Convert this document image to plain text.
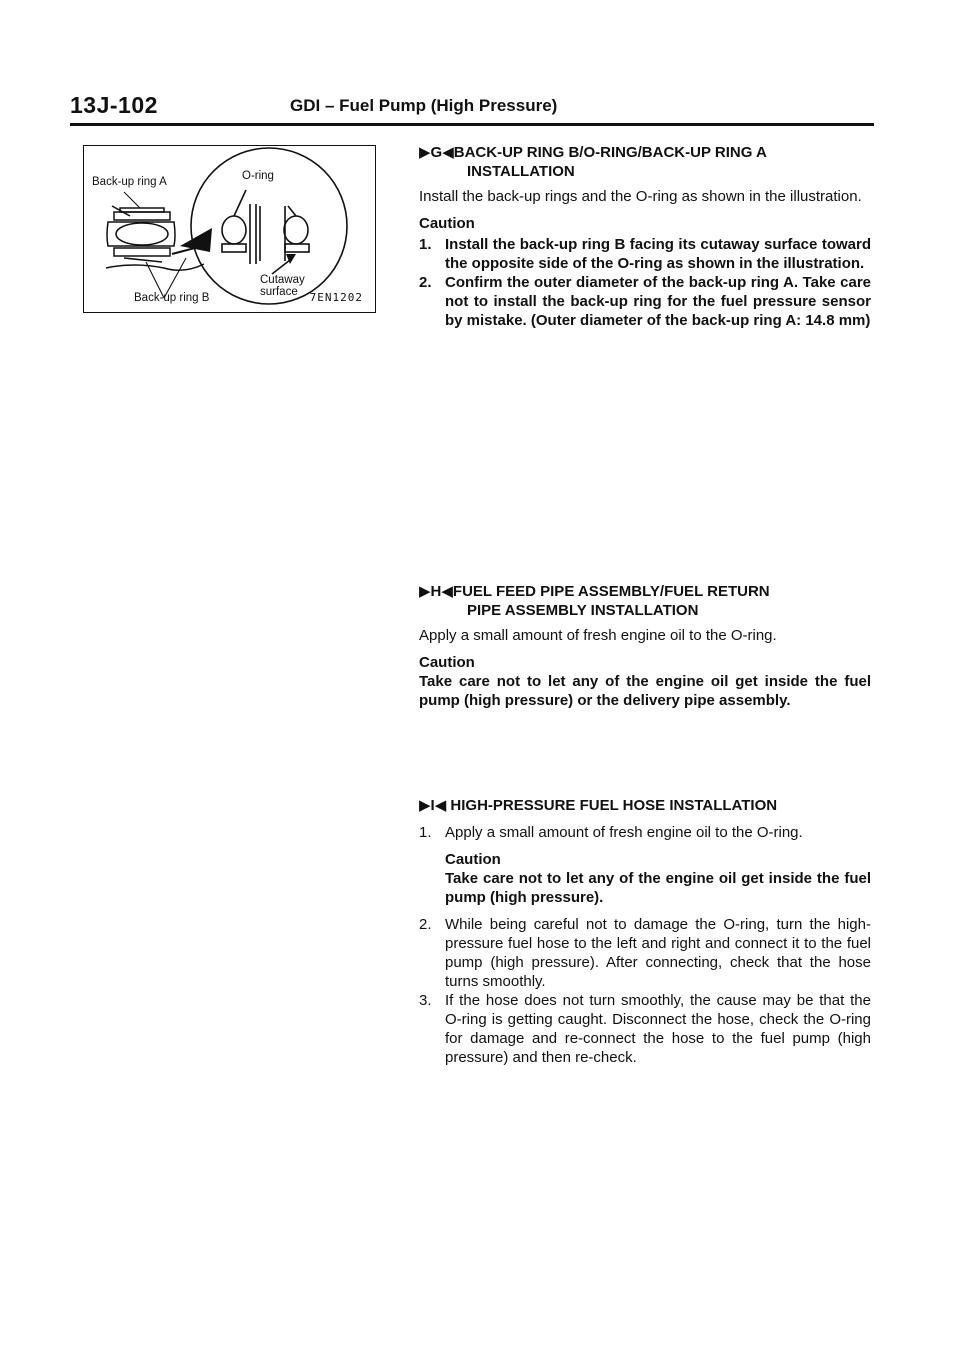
13J-102	GDI – Fuel Pump (High Pressure)
Back-up ring A	O-ring
Cutaway
surface
Back-up ring B	7EN1202
▶G◀BACK-UP RING B/O-RING/BACK-UP RING A
INSTALLATION

Install the back-up rings and the O-ring as shown in the illustration.

Caution
1. Install the back-up ring B facing its cutaway surface toward the opposite side of the O-ring as shown in the illustration.
2. Confirm the outer diameter of the back-up ring A. Take care not to install the back-up ring for the fuel pressure sensor by mistake. (Outer diameter of the back-up ring A: 14.8 mm)
▶H◀FUEL FEED PIPE ASSEMBLY/FUEL RETURN
PIPE ASSEMBLY INSTALLATION

Apply a small amount of fresh engine oil to the O-ring.

Caution
Take care not to let any of the engine oil get inside the fuel pump (high pressure) or the delivery pipe assembly.
▶I◀ HIGH-PRESSURE FUEL HOSE INSTALLATION
1. Apply a small amount of fresh engine oil to the O-ring.
Caution
Take care not to let any of the engine oil get inside the fuel pump (high pressure).
2. While being careful not to damage the O-ring, turn the high-pressure fuel hose to the left and right and connect it to the fuel pump (high pressure). After connecting, check that the hose turns smoothly.
3. If the hose does not turn smoothly, the cause may be that the O-ring is getting caught. Disconnect the hose, check the O-ring for damage and re-connect the hose to the fuel pump (high pressure) and then re-check.
